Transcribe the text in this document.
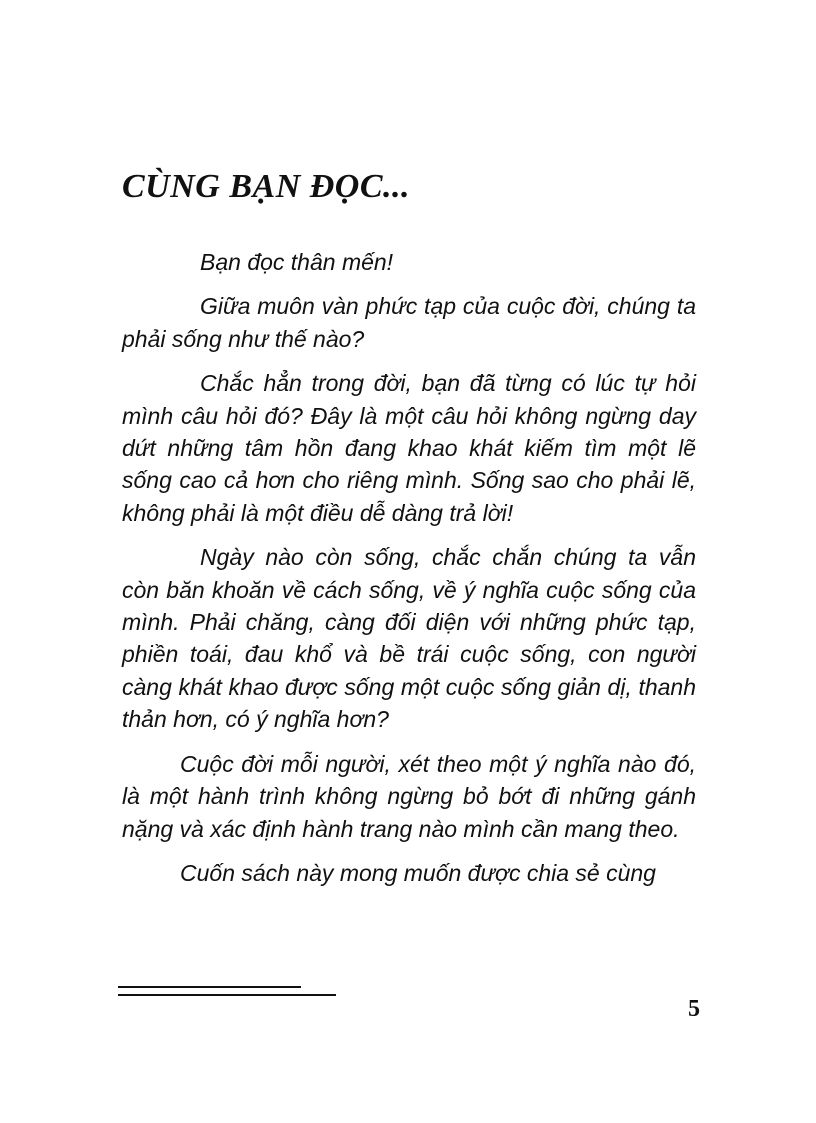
CÙNG BẠN ĐỌC...

Bạn đọc thân mến!

Giữa muôn vàn phức tạp của cuộc đời, chúng ta phải sống như thế nào?

Chắc hẳn trong đời, bạn đã từng có lúc tự hỏi mình câu hỏi đó? Đây là một câu hỏi không ngừng day dứt những tâm hồn đang khao khát kiếm tìm một lẽ sống cao cả hơn cho riêng mình. Sống sao cho phải lẽ, không phải là một điều dễ dàng trả lời!

Ngày nào còn sống, chắc chắn chúng ta vẫn còn băn khoăn về cách sống, về ý nghĩa cuộc sống của mình. Phải chăng, càng đối diện với những phức tạp, phiền toái, đau khổ và bề trái cuộc sống, con người càng khát khao được sống một cuộc sống giản dị, thanh thản hơn, có ý nghĩa hơn?

Cuộc đời mỗi người, xét theo một ý nghĩa nào đó, là một hành trình không ngừng bỏ bớt đi những gánh nặng và xác định hành trang nào mình cần mang theo.

Cuốn sách này mong muốn được chia sẻ cùng

5
